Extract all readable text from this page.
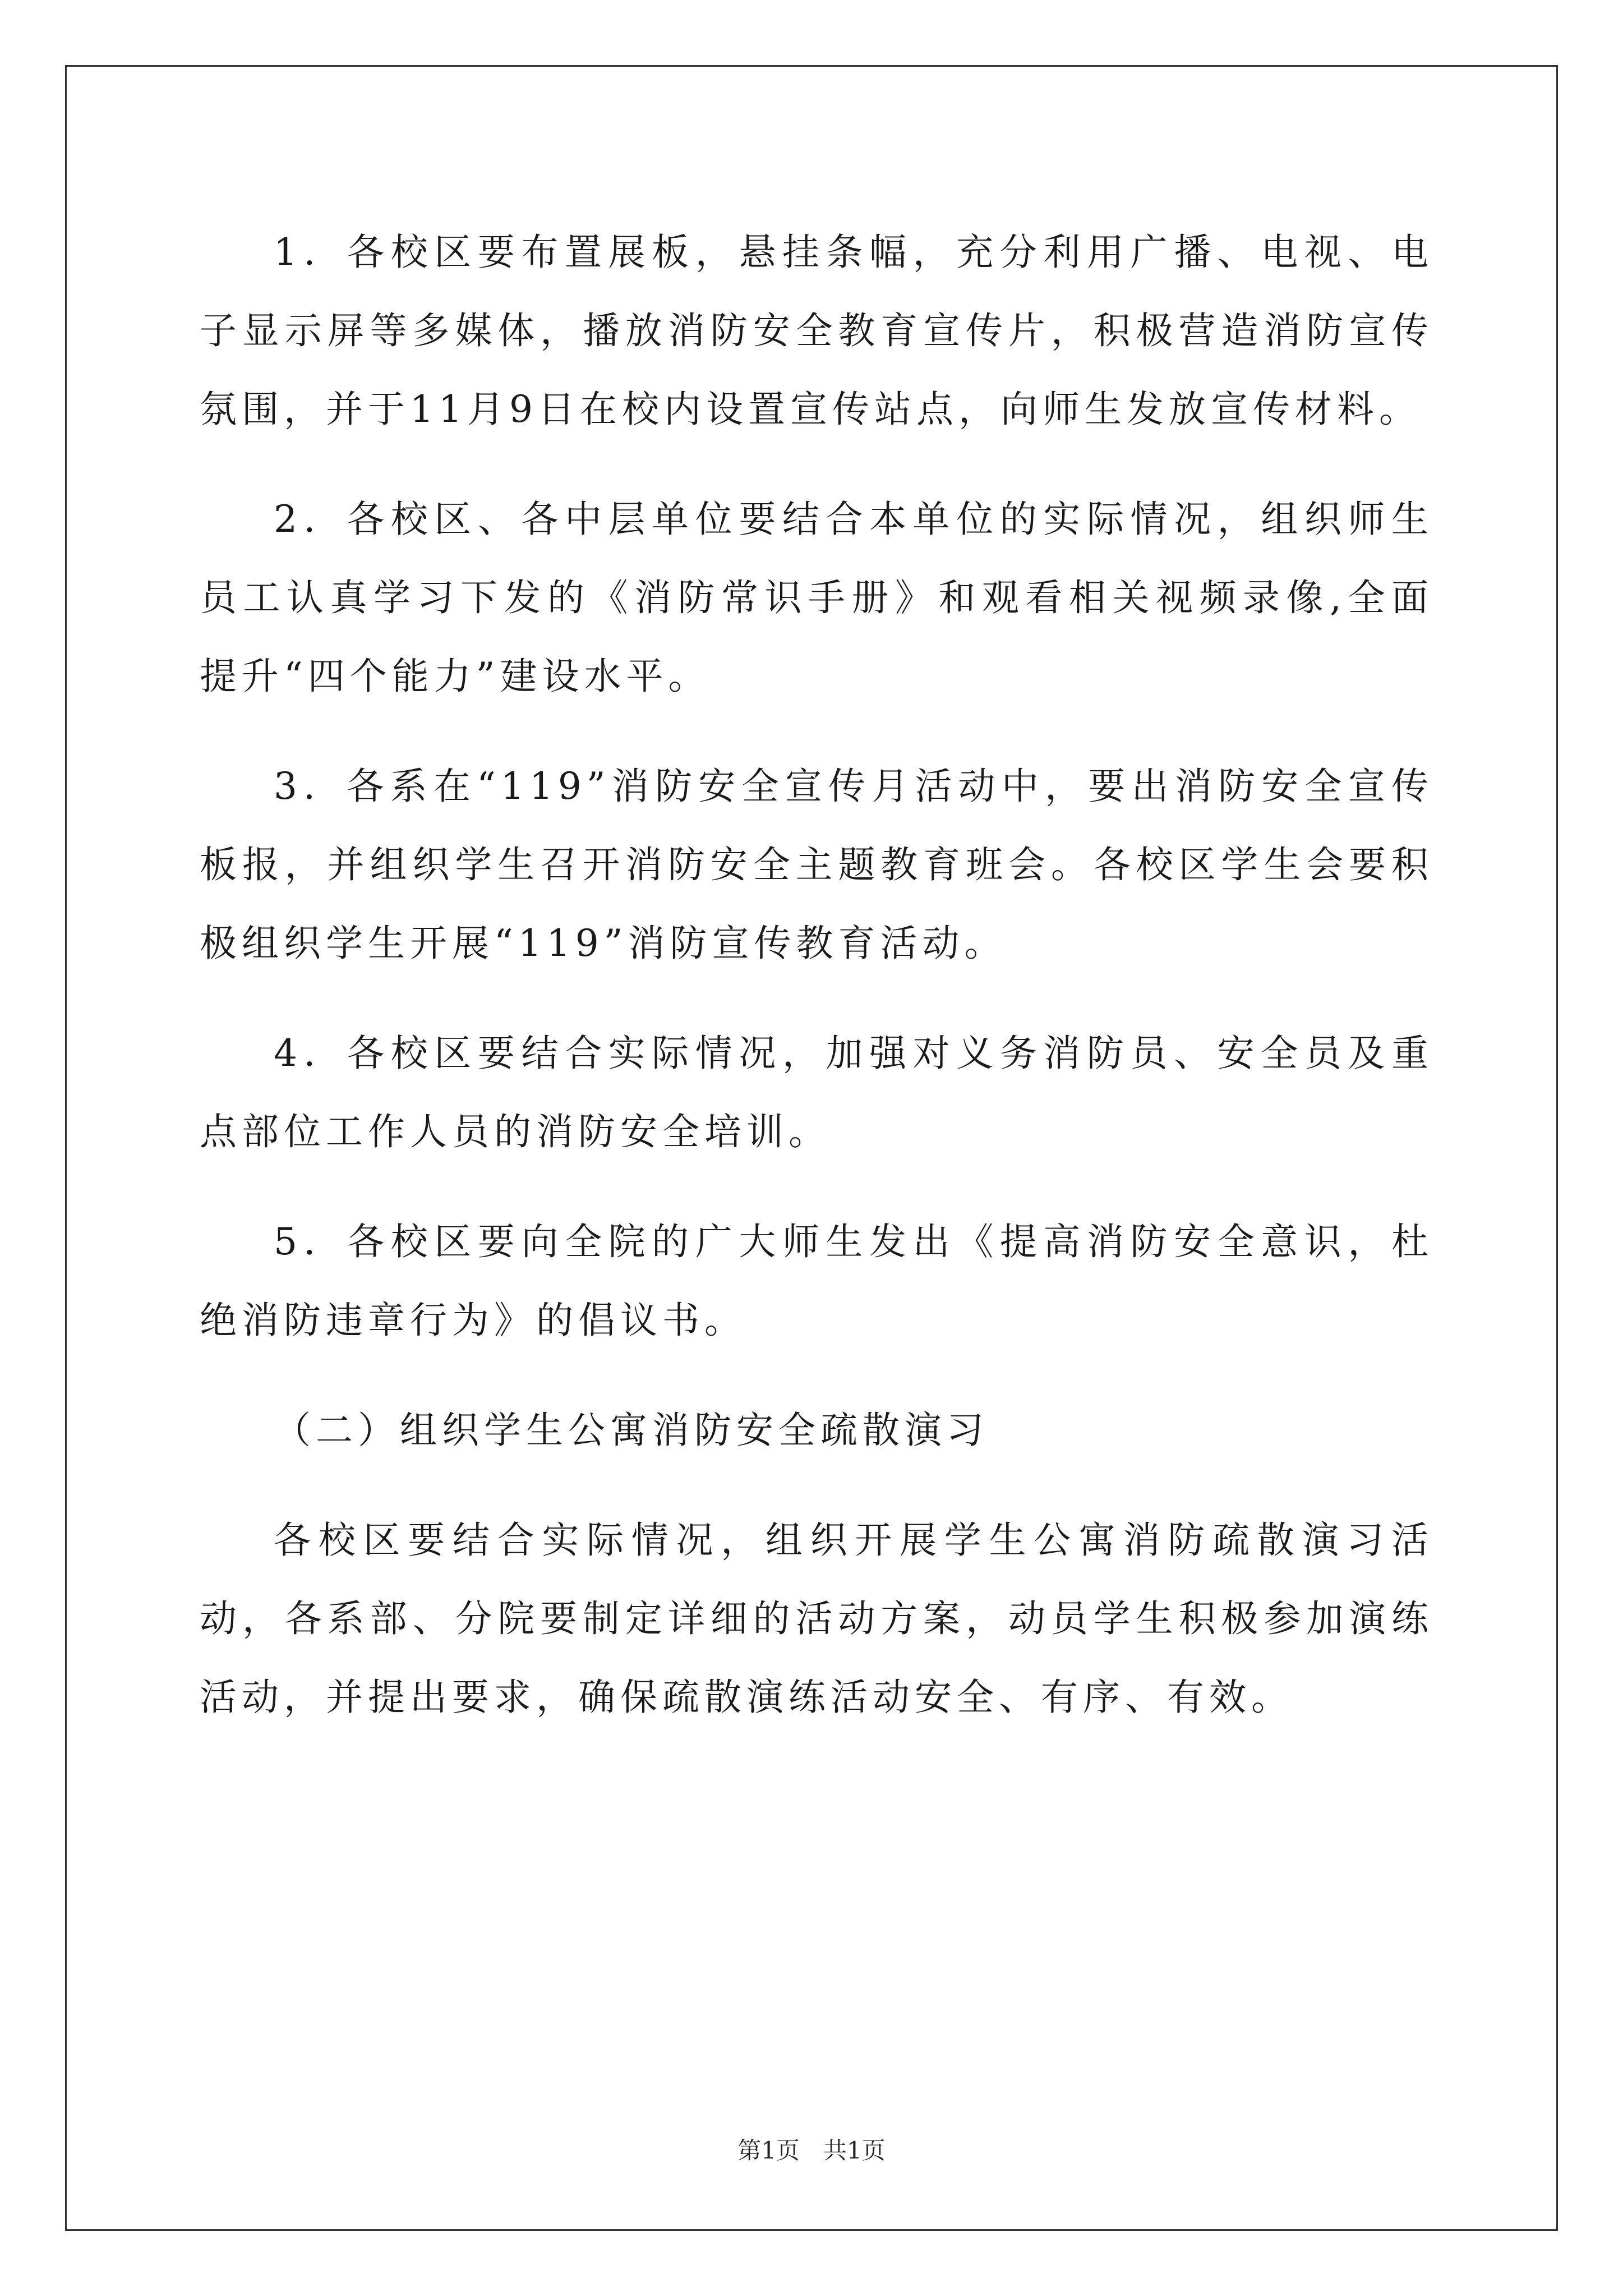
1．各校区要布置展板，悬挂条幅，充分利用广播、电视、电子显示屏等多媒体，播放消防安全教育宣传片，积极营造消防宣传氛围，并于11月9日在校内设置宣传站点，向师生发放宣传材料。

2．各校区、各中层单位要结合本单位的实际情况，组织师生员工认真学习下发的《消防常识手册》和观看相关视频录像,全面提升“四个能力”建设水平。

3．各系在“119”消防安全宣传月活动中，要出消防安全宣传板报，并组织学生召开消防安全主题教育班会。各校区学生会要积极组织学生开展“119”消防宣传教育活动。

4．各校区要结合实际情况，加强对义务消防员、安全员及重点部位工作人员的消防安全培训。

5．各校区要向全院的广大师生发出《提高消防安全意识，杜绝消防违章行为》的倡议书。

（二）组织学生公寓消防安全疏散演习

各校区要结合实际情况，组织开展学生公寓消防疏散演习活动，各系部、分院要制定详细的活动方案，动员学生积极参加演练活动，并提出要求，确保疏散演练活动安全、有序、有效。

第1页　共1页
